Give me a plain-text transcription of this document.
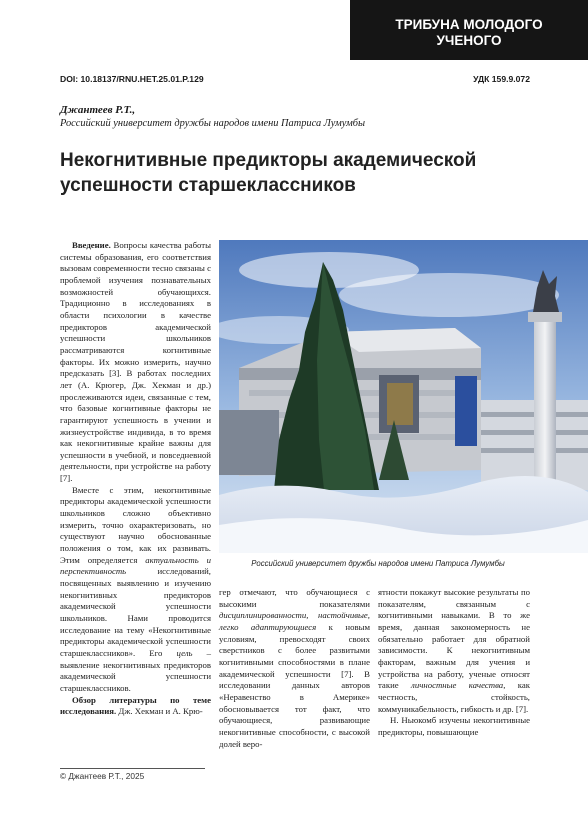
ТРИБУНА МОЛОДОГО
УЧЕНОГО
DOI: 10.18137/RNU.HET.25.01.P.129	УДК 159.9.072
Джантеев Р.Т.,
Российский университет дружбы народов имени Патриса Лумумбы
Некогнитивные предикторы академической успешности старшеклассников

Введение. Вопросы качества работы системы образования, его соответствия вызовам современности тесно связаны с проблемой изучения познавательных возможностей обучающихся. Традиционно в исследованиях в области психологии в качестве предикторов академической успешности школьников рассматриваются когнитивные факторы. Их можно измерить, научно предсказать [3]. В работах последних лет (А. Крюгер, Дж. Хекман и др.) прослеживаются идеи, связанные с тем, что базовые когнитивные факторы не гарантируют успешность в учении и жизнеустройстве индивида, в то время как некогнитивные крайне важны для успешности в учебной, и повседневной деятельности, при устройстве на работу [7].

Вместе с этим, некогнитивные предикторы академической успешности школьников сложно объективно измерить, точно охарактеризовать, но существуют научно обоснованные положения о том, как их развивать. Этим определяется актуальность и перспективность исследований, посвященных выявлению и изучению некогнитивных предикторов академической успешности школьников. Нами проводится исследование на тему «Некогнитивные предикторы академической успешности старшеклассников». Его цель – выявление некогнитивных предикторов академической успешности старшеклассников.

Обзор литературы по теме исследования. Дж. Хекман и А. Крю-

Российский университет дружбы народов имени Патриса Лумумбы

гер отмечают, что обучающиеся с высокими показателями дисциплинированности, настойчивые, легко адаптирующиеся к новым условиям, превосходят своих сверстников с более развитыми когнитивными способностями в плане академической успешности [7]. В исследовании данных авторов «Неравенство в Америке» обосновывается тот факт, что обучающиеся, развивающие некогнитивные способности, с высокой долей веро-

ятности покажут высокие результаты по показателям, связанным с когнитивными навыками. В то же время, данная закономерность не обязательно работает для обратной зависимости. К некогнитивным факторам, важным для учения и устройства на работу, ученые относят такие личностные качества, как честность, стойкость, коммуникабельность, гибкость и др. [7].

Н. Ньюкомб изучены некогнитивные предикторы, повышающие

© Джантеев Р.Т., 2025
